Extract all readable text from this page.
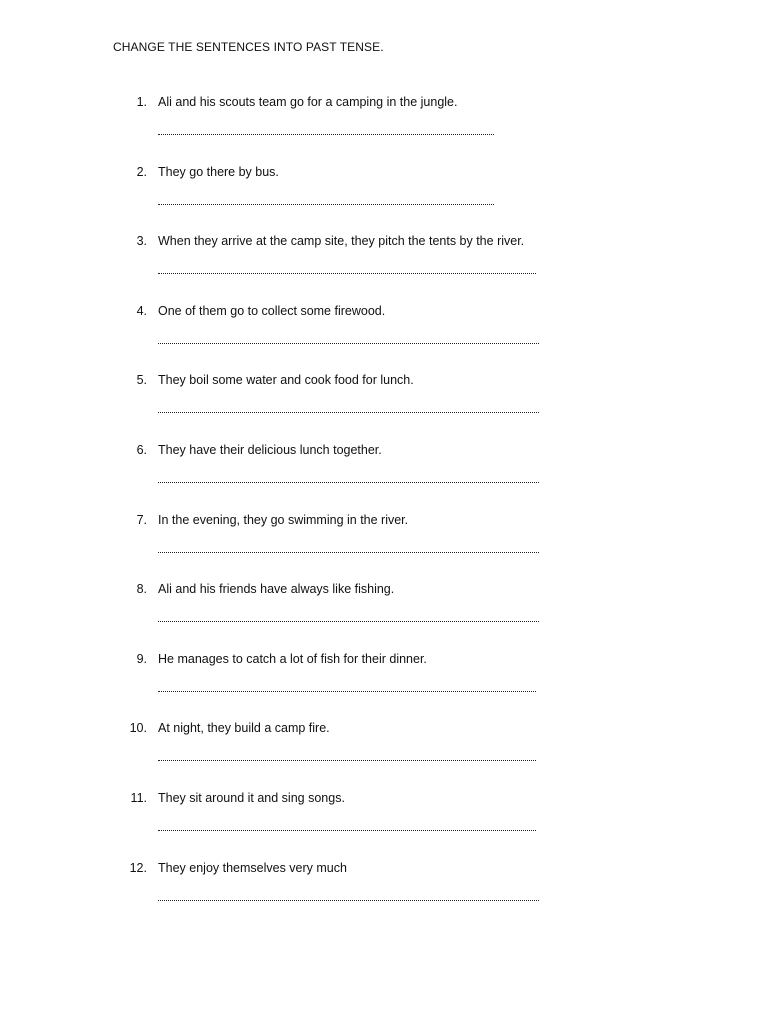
CHANGE THE SENTENCES INTO PAST TENSE.
1. Ali and his scouts team go for a camping in the jungle.
2. They go there by bus.
3. When they arrive at the camp site, they pitch the tents by the river.
4. One of them go to collect some firewood.
5. They boil some water and cook food for lunch.
6. They have their delicious lunch together.
7. In the evening, they go swimming in the river.
8. Ali and his friends have always like fishing.
9. He manages to catch a lot of fish for their dinner.
10. At night, they build a camp fire.
11. They sit around it and sing songs.
12. They enjoy themselves very much
